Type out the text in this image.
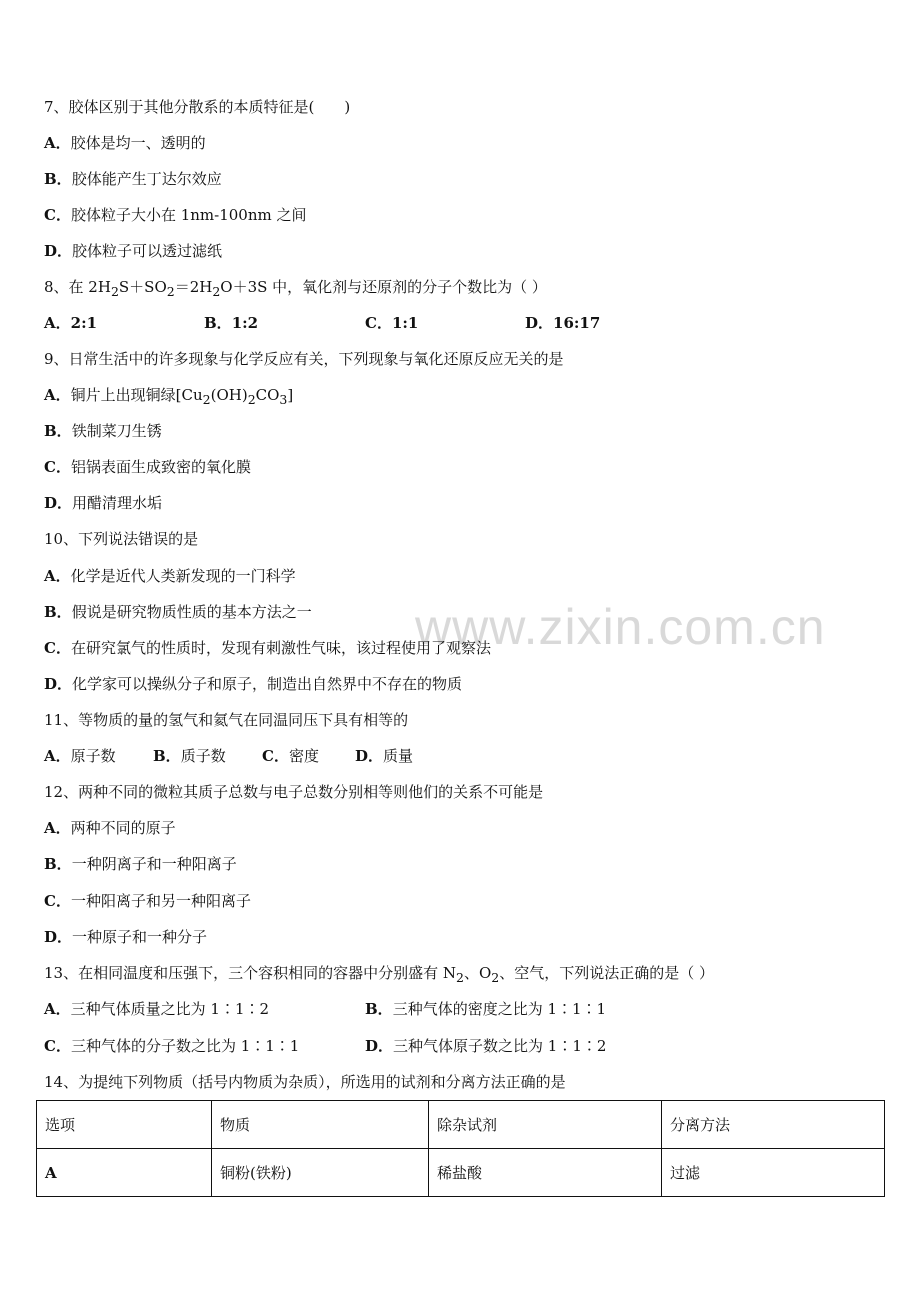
www.zixin.com.cn
7、胶体区别于其他分散系的本质特征是(　　)
A．胶体是均一、透明的
B．胶体能产生丁达尔效应
C．胶体粒子大小在 1nm-100nm 之间
D．胶体粒子可以透过滤纸
8、在 $2H_2S+SO_2=2H_2O+3S$ 中，氧化剂与还原剂的分子个数比为（ ）
A．2:1	B．1:2	C．1:1	D．16:17
9、日常生活中的许多现象与化学反应有关，下列现象与氧化还原反应无关的是
A．铜片上出现铜绿$[Cu_2(OH)_2CO_3]$
B．铁制菜刀生锈
C．铝锅表面生成致密的氧化膜
D．用醋清理水垢
10、下列说法错误的是
A．化学是近代人类新发现的一门科学
B．假说是研究物质性质的基本方法之一
C．在研究氯气的性质时，发现有刺激性气味，该过程使用了观察法
D．化学家可以操纵分子和原子，制造出自然界中不存在的物质
11、等物质的量的氢气和氦气在同温同压下具有相等的
A．原子数 B．质子数 C．密度 D．质量
12、两种不同的微粒其质子总数与电子总数分别相等则他们的关系不可能是
A．两种不同的原子
B．一种阴离子和一种阳离子
C．一种阳离子和另一种阳离子
D．一种原子和一种分子
13、在相同温度和压强下，三个容积相同的容器中分别盛有 $N_2$、$O_2$、空气，下列说法正确的是（ ）
A．三种气体质量之比为 1∶1∶2	B．三种气体的密度之比为 1∶1∶1
C．三种气体的分子数之比为 1∶1∶1	D．三种气体原子数之比为 1∶1∶2
14、为提纯下列物质（括号内物质为杂质），所选用的试剂和分离方法正确的是
选项	物质	除杂试剂	分离方法
A	铜粉(铁粉)	稀盐酸	过滤
